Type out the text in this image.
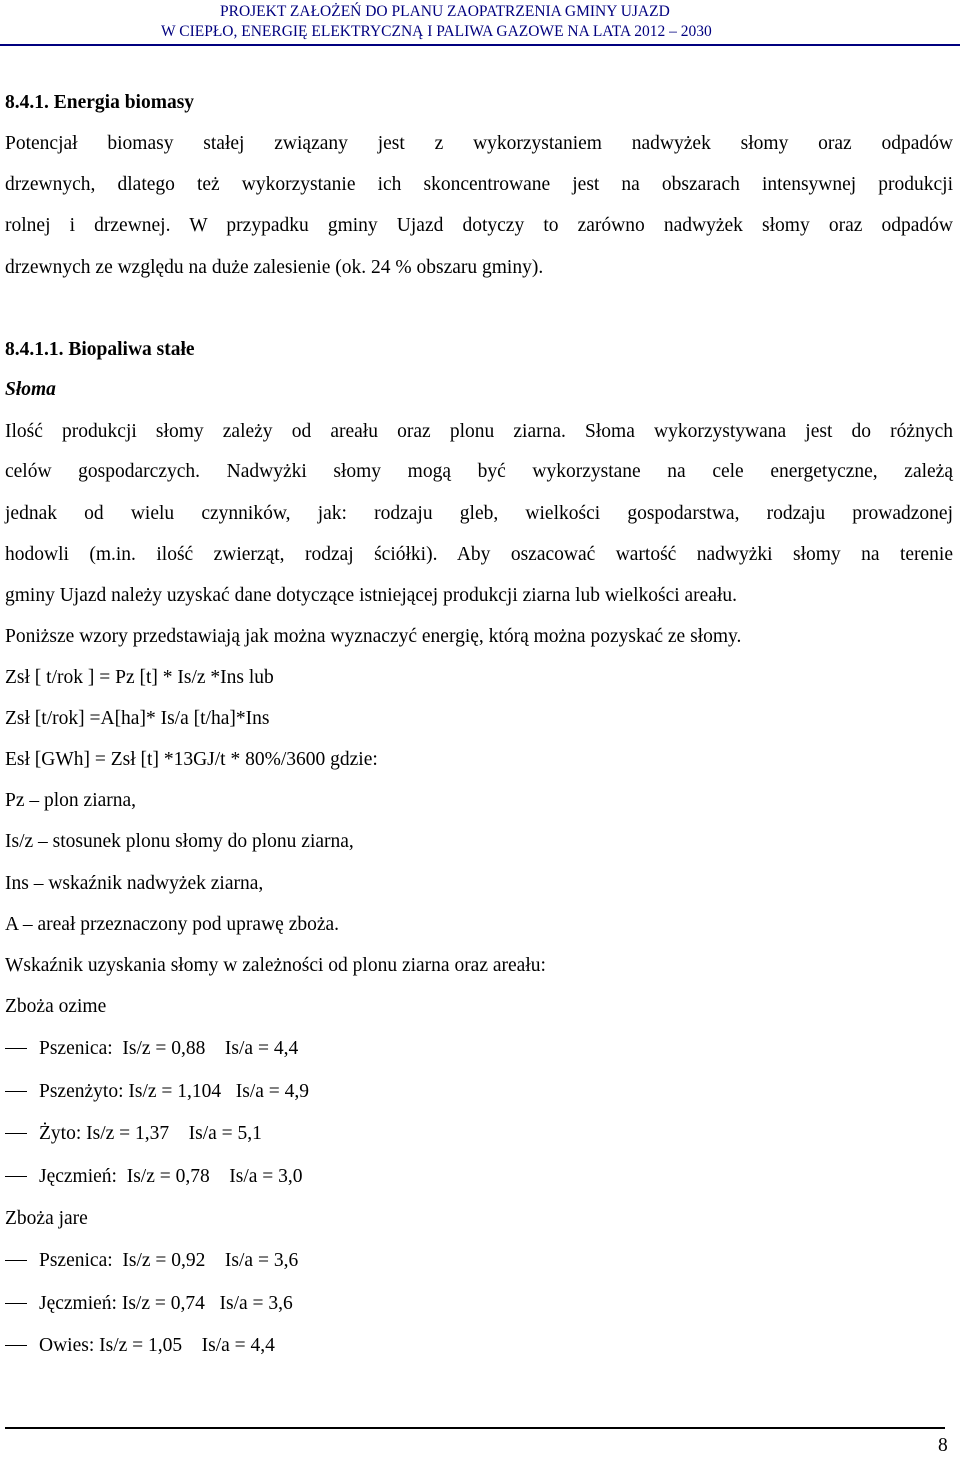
PROJEKT ZAŁOŻEŃ DO PLANU ZAOPATRZENIA GMINY UJAZD
W CIEPŁO, ENERGIĘ ELEKTRYCZNĄ I PALIWA GAZOWE NA LATA 2012 – 2030
8.4.1. Energia biomasy
Potencjał biomasy stałej związany jest z wykorzystaniem nadwyżek słomy oraz odpadów
drzewnych, dlatego też wykorzystanie ich skoncentrowane jest na obszarach intensywnej produkcji
rolnej i drzewnej. W przypadku gminy Ujazd dotyczy to zarówno nadwyżek słomy oraz odpadów
drzewnych ze względu na duże zalesienie (ok. 24 % obszaru gminy).
8.4.1.1. Biopaliwa stałe
Słoma
Ilość produkcji słomy zależy od areału oraz plonu ziarna. Słoma wykorzystywana jest do różnych
celów gospodarczych. Nadwyżki słomy mogą być wykorzystane na cele energetyczne, zależą
jednak od wielu czynników, jak: rodzaju gleb, wielkości gospodarstwa, rodzaju prowadzonej
hodowli (m.in. ilość zwierząt, rodzaj ściółki). Aby oszacować wartość nadwyżki słomy na terenie
gminy Ujazd należy uzyskać dane dotyczące istniejącej produkcji ziarna lub wielkości areału.
Poniższe wzory przedstawiają jak można wyznaczyć energię, którą można pozyskać ze słomy.
Zsł [ t/rok ] = Pz [t] * Is/z *Ins lub
Zsł [t/rok] =A[ha]* Is/a [t/ha]*Ins
Esł [GWh] = Zsł [t] *13GJ/t * 80%/3600 gdzie:
Pz – plon ziarna,
Is/z – stosunek plonu słomy do plonu ziarna,
Ins – wskaźnik nadwyżek ziarna,
A – areał przeznaczony pod uprawę zboża.
Wskaźnik uzyskania słomy w zależności od plonu ziarna oraz areału:
Zboża ozime
Pszenica:  Is/z = 0,88    Is/a = 4,4
Pszenżyto: Is/z = 1,104   Is/a = 4,9
Żyto: Is/z = 1,37    Is/a = 5,1
Jęczmień:  Is/z = 0,78    Is/a = 3,0
Zboża jare
Pszenica:  Is/z = 0,92    Is/a = 3,6
Jęczmień: Is/z = 0,74   Is/a = 3,6
Owies: Is/z = 1,05    Is/a = 4,4
8
